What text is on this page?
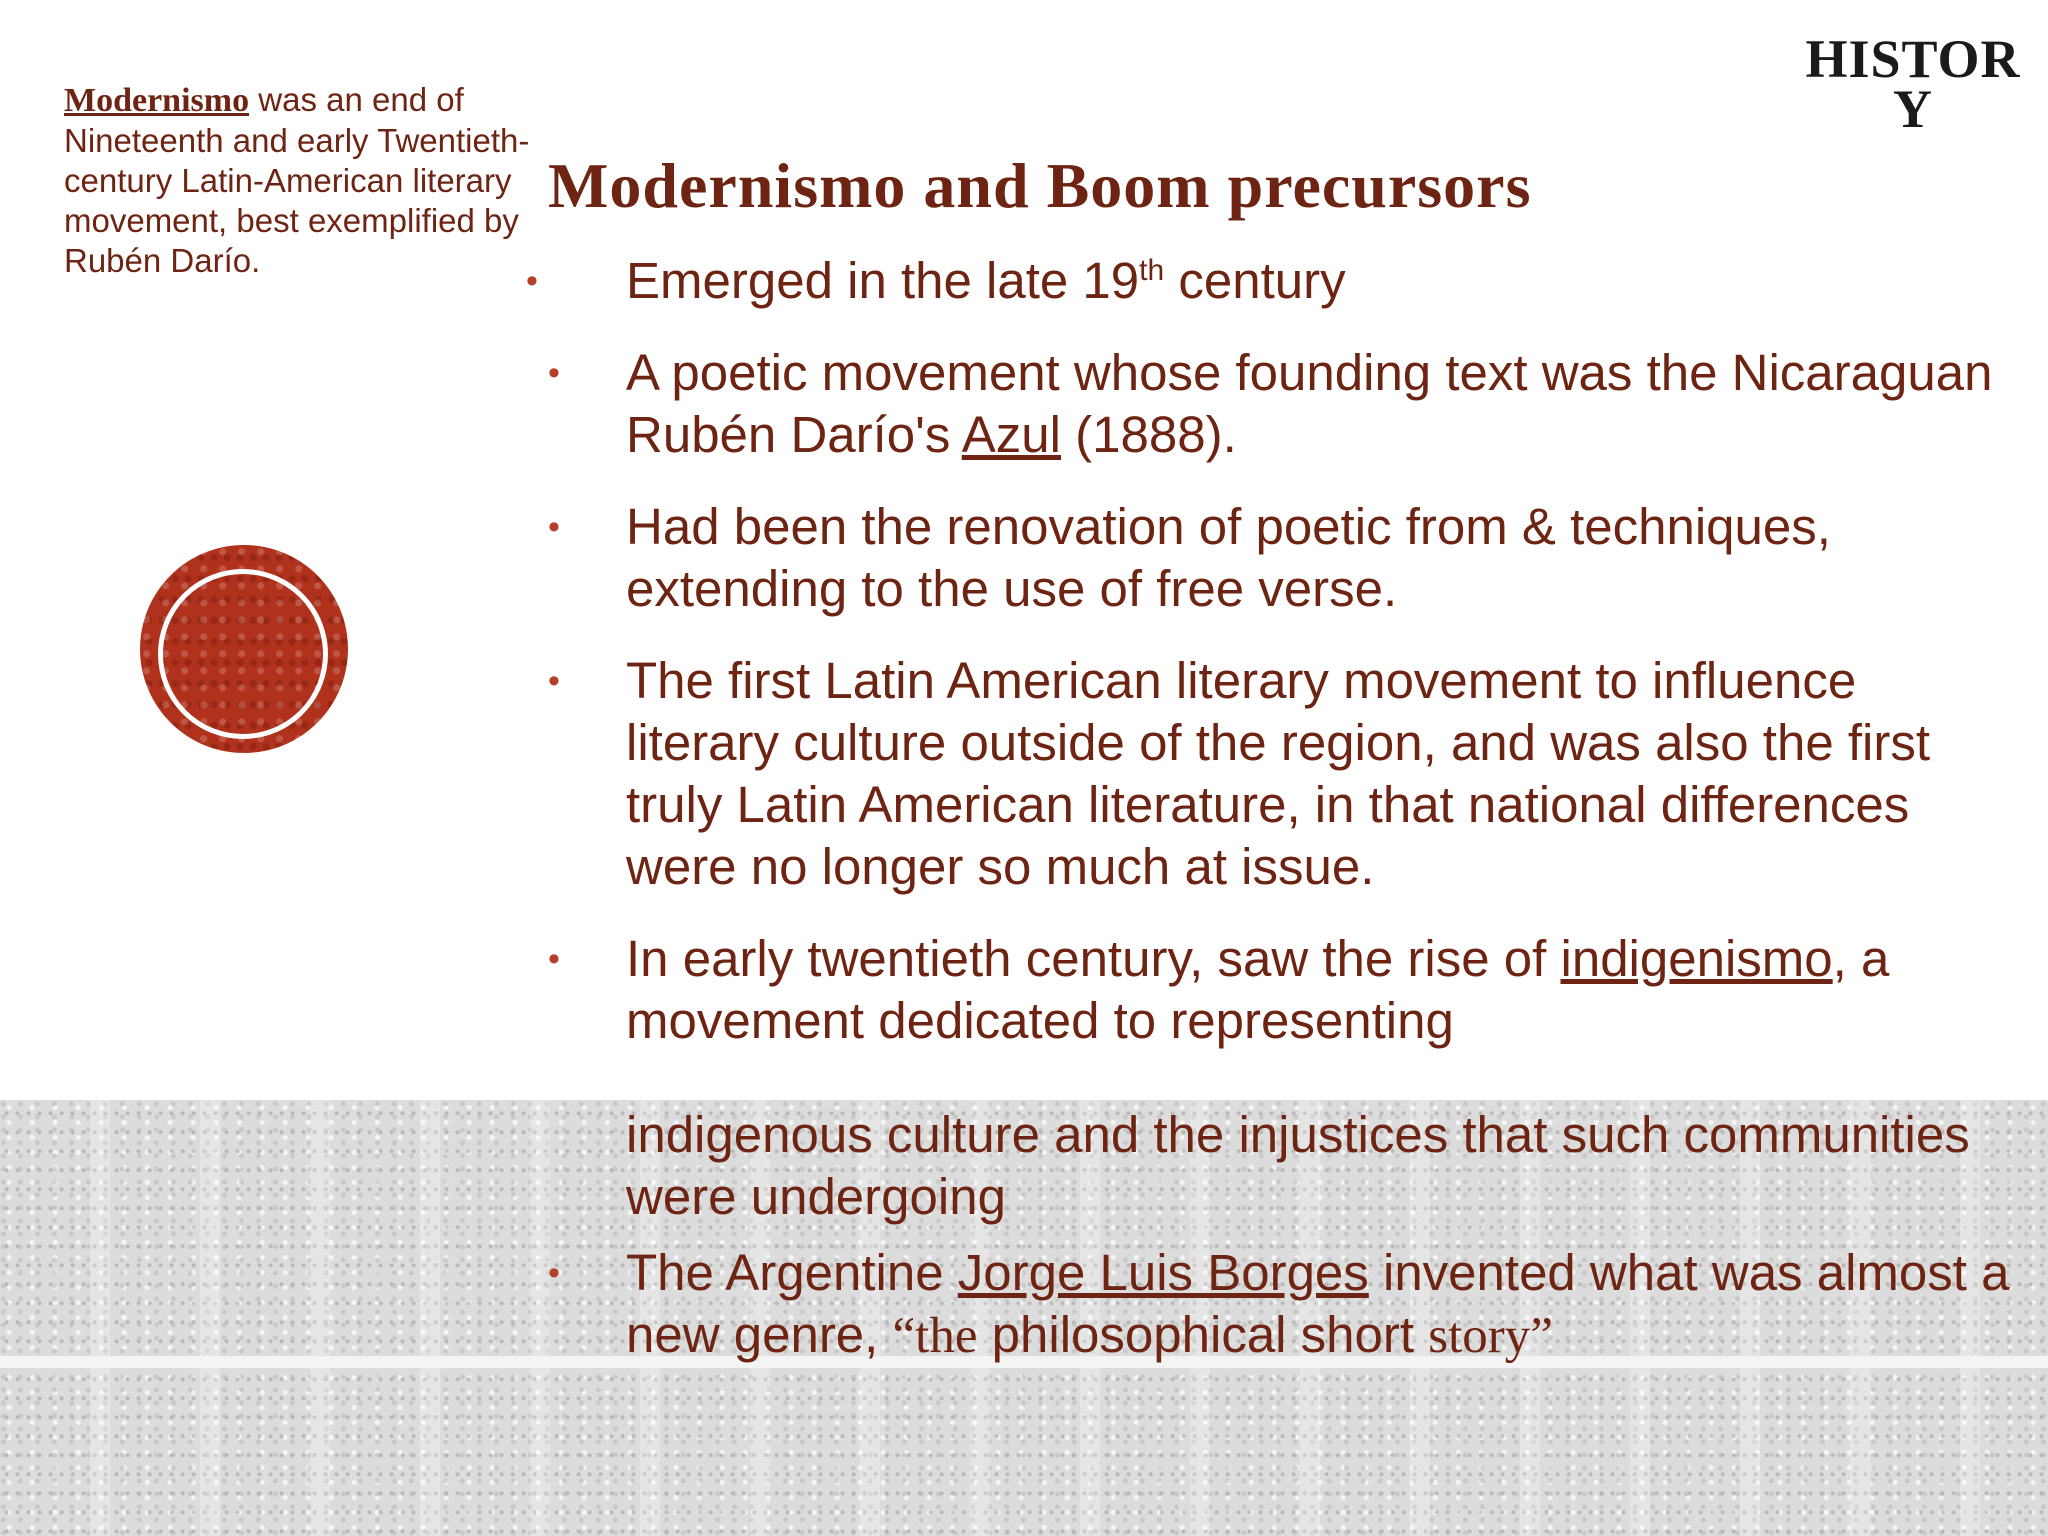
Modernismo was an end of Nineteenth and early Twentieth-century Latin-American literary movement, best exemplified by Rubén Darío.
HISTOR
Y
Modernismo and Boom precursors
• Emerged in the late 19th century
• A poetic movement whose founding text was the Nicaraguan Rubén Darío's Azul (1888).
• Had been the renovation of poetic from & techniques, extending to the use of free verse.
• The first Latin American literary movement to influence literary culture outside of the region, and was also the first truly Latin American literature, in that national differences were no longer so much at issue.
• In early twentieth century, saw the rise of indigenismo, a movement dedicated to representing
indigenous culture and the injustices that such communities were undergoing
• The Argentine Jorge Luis Borges invented what was almost a new genre, “the philosophical short story”
